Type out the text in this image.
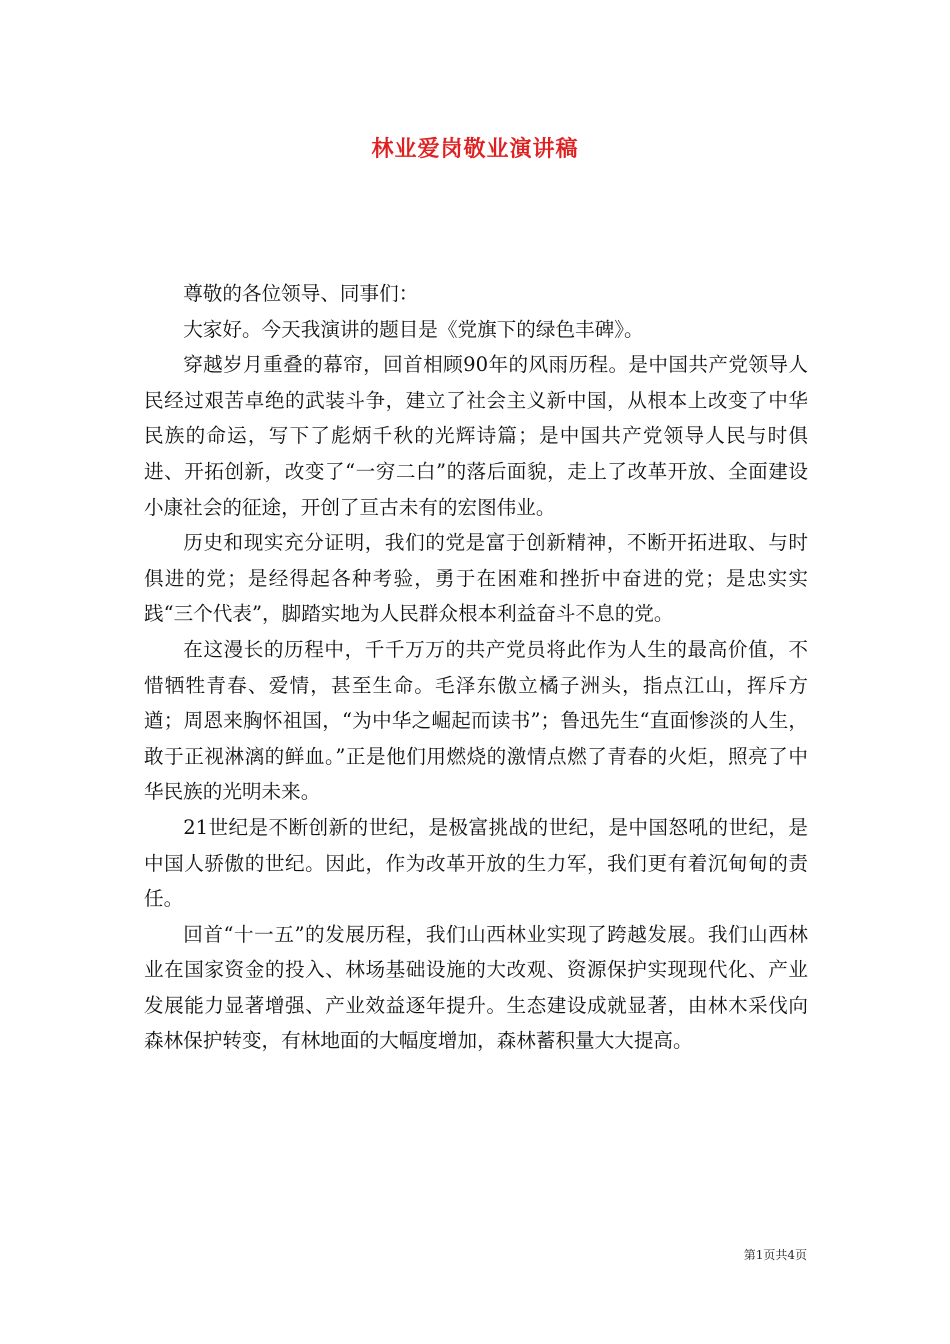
林业爱岗敬业演讲稿

尊敬的各位领导、同事们：

大家好。今天我演讲的题目是《党旗下的绿色丰碑》。

穿越岁月重叠的幕帘，回首相顾90年的风雨历程。是中国共产党领导人民经过艰苦卓绝的武装斗争，建立了社会主义新中国，从根本上改变了中华民族的命运，写下了彪炳千秋的光辉诗篇；是中国共产党领导人民与时俱进、开拓创新，改变了“一穷二白”的落后面貌，走上了改革开放、全面建设小康社会的征途，开创了亘古未有的宏图伟业。

历史和现实充分证明，我们的党是富于创新精神，不断开拓进取、与时俱进的党；是经得起各种考验，勇于在困难和挫折中奋进的党；是忠实实践“三个代表”，脚踏实地为人民群众根本利益奋斗不息的党。

在这漫长的历程中，千千万万的共产党员将此作为人生的最高价值，不惜牺牲青春、爱情，甚至生命。毛泽东傲立橘子洲头，指点江山，挥斥方遒；周恩来胸怀祖国，“为中华之崛起而读书”；鲁迅先生“直面惨淡的人生，敢于正视淋漓的鲜血。”正是他们用燃烧的激情点燃了青春的火炬，照亮了中华民族的光明未来。

21世纪是不断创新的世纪，是极富挑战的世纪，是中国怒吼的世纪，是中国人骄傲的世纪。因此，作为改革开放的生力军，我们更有着沉甸甸的责任。

回首“十一五”的发展历程，我们山西林业实现了跨越发展。我们山西林业在国家资金的投入、林场基础设施的大改观、资源保护实现现代化、产业发展能力显著增强、产业效益逐年提升。生态建设成就显著，由林木采伐向森林保护转变，有林地面的大幅度增加，森林蓄积量大大提高。

第1页共4页
